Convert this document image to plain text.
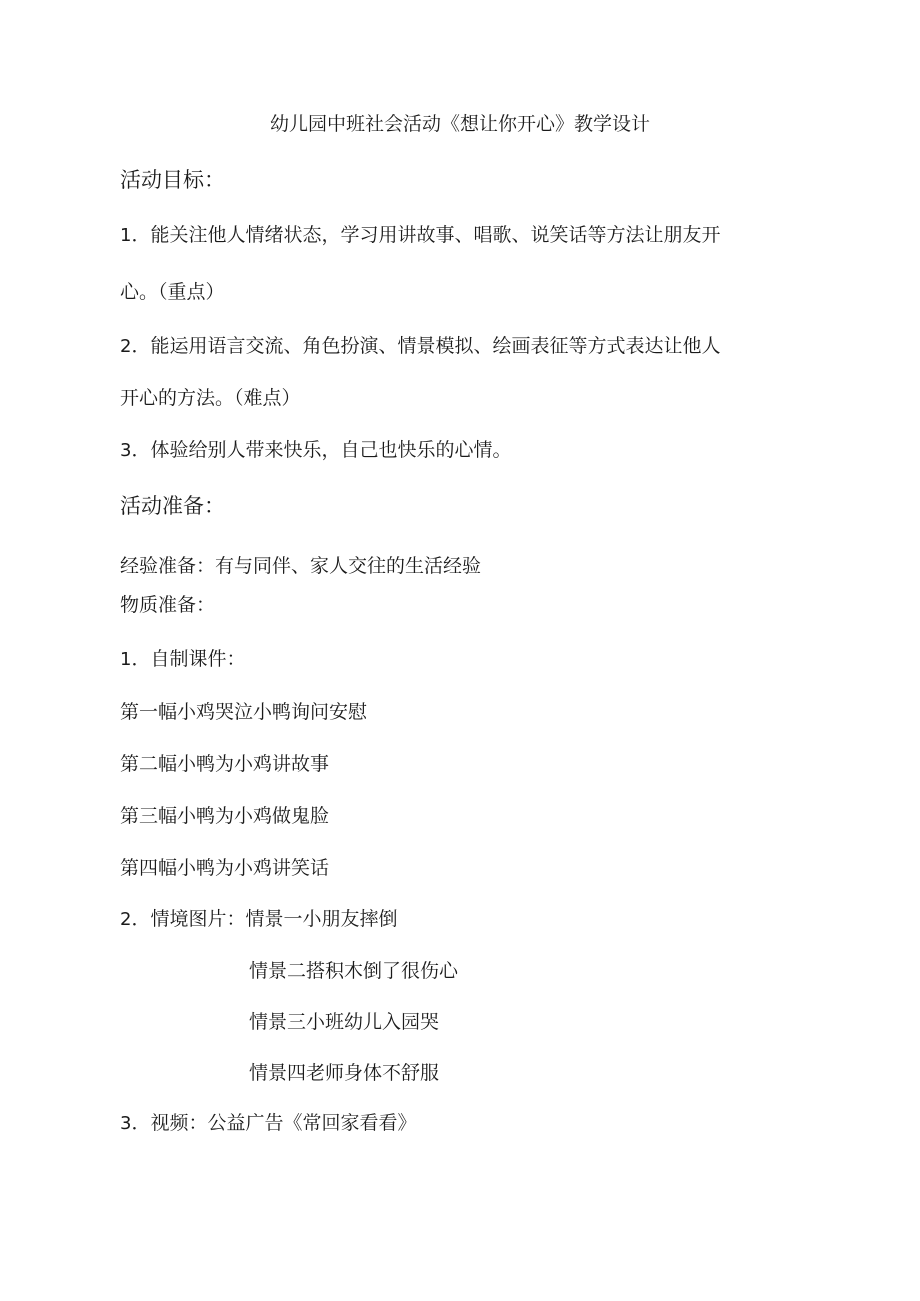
幼儿园中班社会活动《想让你开心》教学设计
活动目标：
1．能关注他人情绪状态，学习用讲故事、唱歌、说笑话等方法让朋友开
心。（重点）
2．能运用语言交流、角色扮演、情景模拟、绘画表征等方式表达让他人
开心的方法。（难点）
3．体验给别人带来快乐，自己也快乐的心情。
活动准备：
经验准备：有与同伴、家人交往的生活经验
物质准备：
1．自制课件：
第一幅小鸡哭泣小鸭询问安慰
第二幅小鸭为小鸡讲故事
第三幅小鸭为小鸡做鬼脸
第四幅小鸭为小鸡讲笑话
2．情境图片：情景一小朋友摔倒
情景二搭积木倒了很伤心
情景三小班幼儿入园哭
情景四老师身体不舒服
3．视频：公益广告《常回家看看》
